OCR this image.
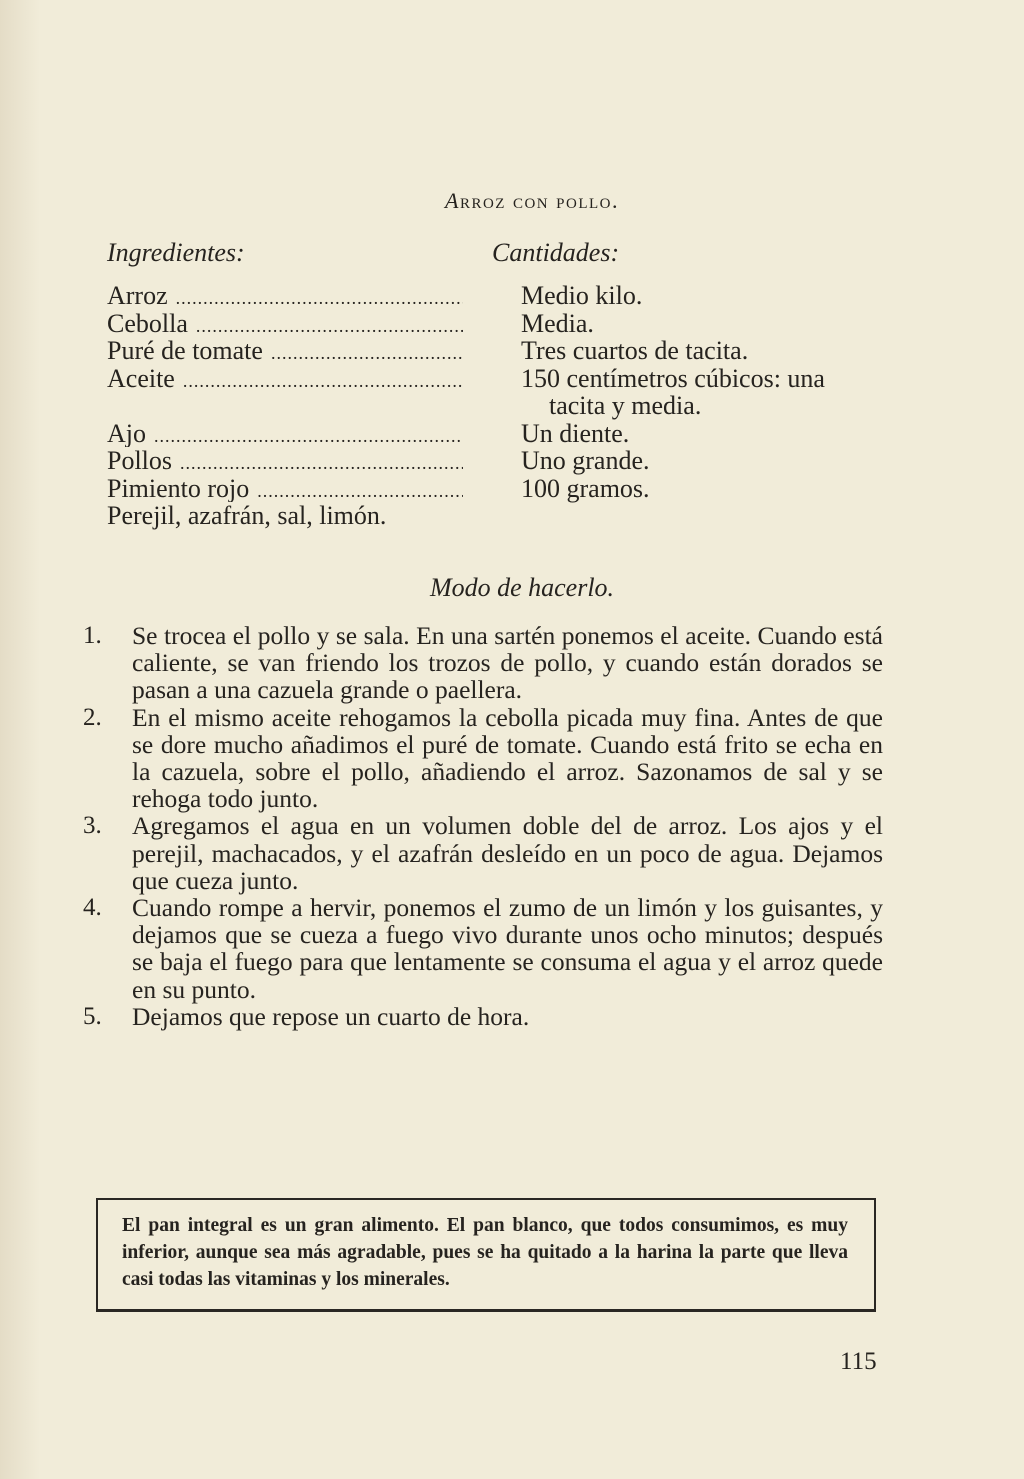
Arroz con pollo.
Ingredientes:	Cantidades:
Arroz
.....
Cebolla
.....
Puré de tomate
.....
Aceite
.....
Ajo
.....
Pollos
.....
Pimiento rojo
.....
Perejil, azafrán, sal, limón.
Medio kilo.
Media.
Tres cuartos de tacita.
150 centímetros cúbicos: una
tacita y media.
Un diente.
Uno grande.
100 gramos.
Modo de hacerlo.
1. Se trocea el pollo y se sala. En una sartén ponemos el aceite. Cuando está caliente, se van friendo los trozos de pollo, y cuando están dorados se pasan a una cazuela grande o paellera.

2. En el mismo aceite rehogamos la cebolla picada muy fina. Antes de que se dore mucho añadimos el puré de tomate. Cuando está frito se echa en la cazuela, sobre el pollo, añadiendo el arroz. Sazonamos de sal y se rehoga todo junto.

3. Agregamos el agua en un volumen doble del de arroz. Los ajos y el perejil, machacados, y el azafrán desleído en un poco de agua. Dejamos que cueza junto.

4. Cuando rompe a hervir, ponemos el zumo de un limón y los guisantes, y dejamos que se cueza a fuego vivo durante unos ocho minutos; después se baja el fuego para que lentamente se consuma el agua y el arroz quede en su punto.

5. Dejamos que repose un cuarto de hora.

El pan integral es un gran alimento. El pan blanco, que todos consumimos, es muy inferior, aunque sea más agradable, pues se ha quitado a la harina la parte que lleva casi todas las vitaminas y los minerales.
115
